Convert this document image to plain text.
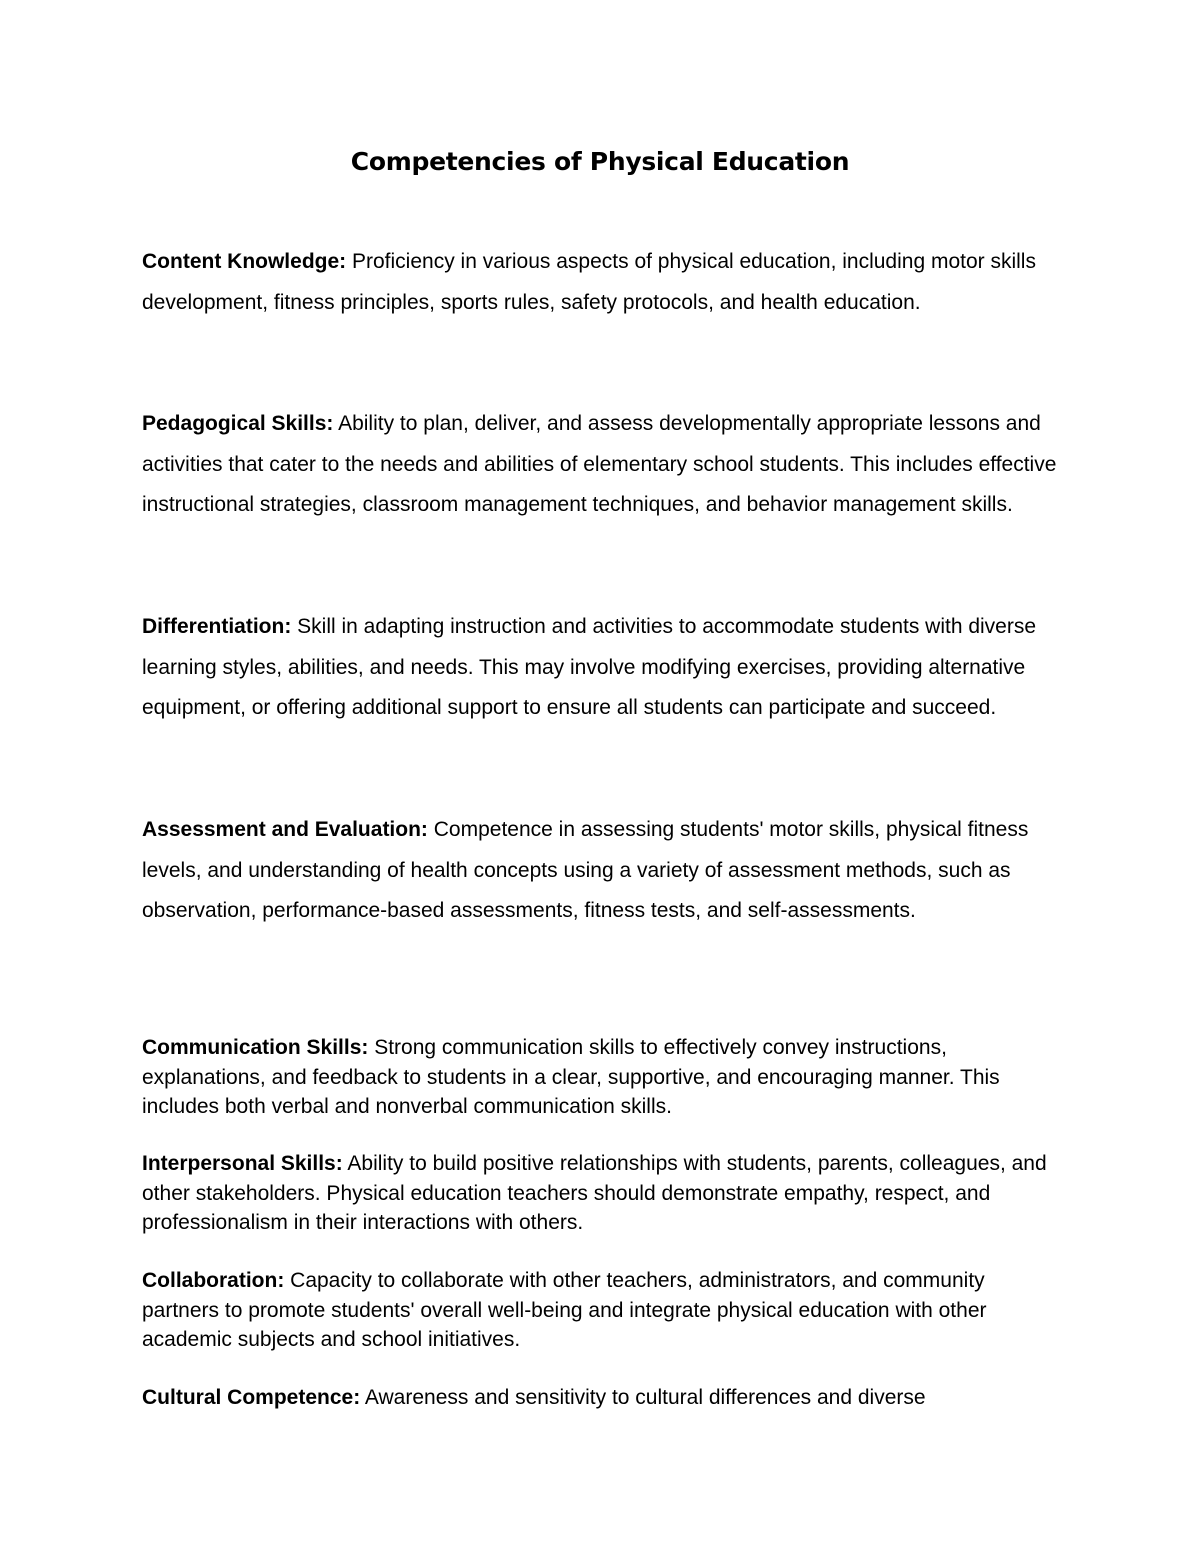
Competencies of Physical Education

Content Knowledge: Proficiency in various aspects of physical education, including motor skills development, fitness principles, sports rules, safety protocols, and health education.

Pedagogical Skills: Ability to plan, deliver, and assess developmentally appropriate lessons and activities that cater to the needs and abilities of elementary school students. This includes effective instructional strategies, classroom management techniques, and behavior management skills.

Differentiation: Skill in adapting instruction and activities to accommodate students with diverse learning styles, abilities, and needs. This may involve modifying exercises, providing alternative equipment, or offering additional support to ensure all students can participate and succeed.

Assessment and Evaluation: Competence in assessing students' motor skills, physical fitness levels, and understanding of health concepts using a variety of assessment methods, such as observation, performance-based assessments, fitness tests, and self-assessments.

Communication Skills: Strong communication skills to effectively convey instructions, explanations, and feedback to students in a clear, supportive, and encouraging manner. This includes both verbal and nonverbal communication skills.

Interpersonal Skills: Ability to build positive relationships with students, parents, colleagues, and other stakeholders. Physical education teachers should demonstrate empathy, respect, and professionalism in their interactions with others.

Collaboration: Capacity to collaborate with other teachers, administrators, and community partners to promote students' overall well-being and integrate physical education with other academic subjects and school initiatives.

Cultural Competence: Awareness and sensitivity to cultural differences and diverse
